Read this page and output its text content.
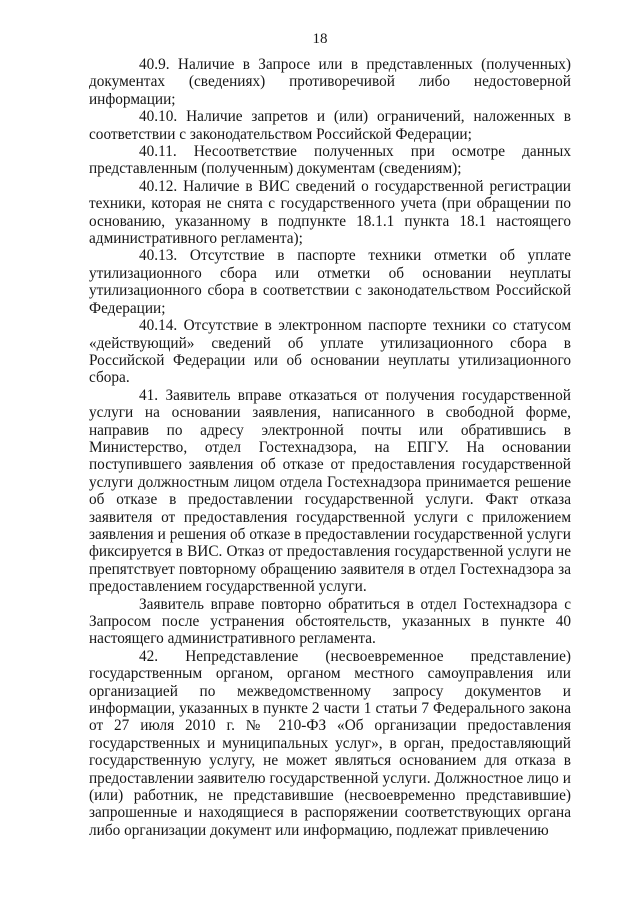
18

40.9. Наличие в Запросе или в представленных (полученных) документах (сведениях) противоречивой либо недостоверной информации;

40.10. Наличие запретов и (или) ограничений, наложенных в соответствии с законодательством Российской Федерации;

40.11. Несоответствие полученных при осмотре данных представленным (полученным) документам (сведениям);

40.12. Наличие в ВИС сведений о государственной регистрации техники, которая не снята с государственного учета (при обращении по основанию, указанному в подпункте 18.1.1 пункта 18.1 настоящего административного регламента);

40.13. Отсутствие в паспорте техники отметки об уплате утилизационного сбора или отметки об основании неуплаты утилизационного сбора в соответствии с законодательством Российской Федерации;

40.14. Отсутствие в электронном паспорте техники со статусом «действующий» сведений об уплате утилизационного сбора в Российской Федерации или об основании неуплаты утилизационного сбора.

41. Заявитель вправе отказаться от получения государственной услуги на основании заявления, написанного в свободной форме, направив по адресу электронной почты или обратившись в Министерство, отдел Гостехнадзора, на ЕПГУ. На основании поступившего заявления об отказе от предоставления государственной услуги должностным лицом отдела Гостехнадзора принимается решение об отказе в предоставлении государственной услуги. Факт отказа заявителя от предоставления государственной услуги с приложением заявления и решения об отказе в предоставлении государственной услуги фиксируется в ВИС. Отказ от предоставления государственной услуги не препятствует повторному обращению заявителя в отдел Гостехнадзора за предоставлением государственной услуги.

Заявитель вправе повторно обратиться в отдел Гостехнадзора с Запросом после устранения обстоятельств, указанных в пункте 40 настоящего административного регламента.

42. Непредставление (несвоевременное представление) государственным органом, органом местного самоуправления или организацией по межведомственному запросу документов и информации, указанных в пункте 2 части 1 статьи 7 Федерального закона от 27 июля 2010 г. № 210-ФЗ «Об организации предоставления государственных и муниципальных услуг», в орган, предоставляющий государственную услугу, не может являться основанием для отказа в предоставлении заявителю государственной услуги. Должностное лицо и (или) работник, не представившие (несвоевременно представившие) запрошенные и находящиеся в распоряжении соответствующих органа либо организации документ или информацию, подлежат привлечению
